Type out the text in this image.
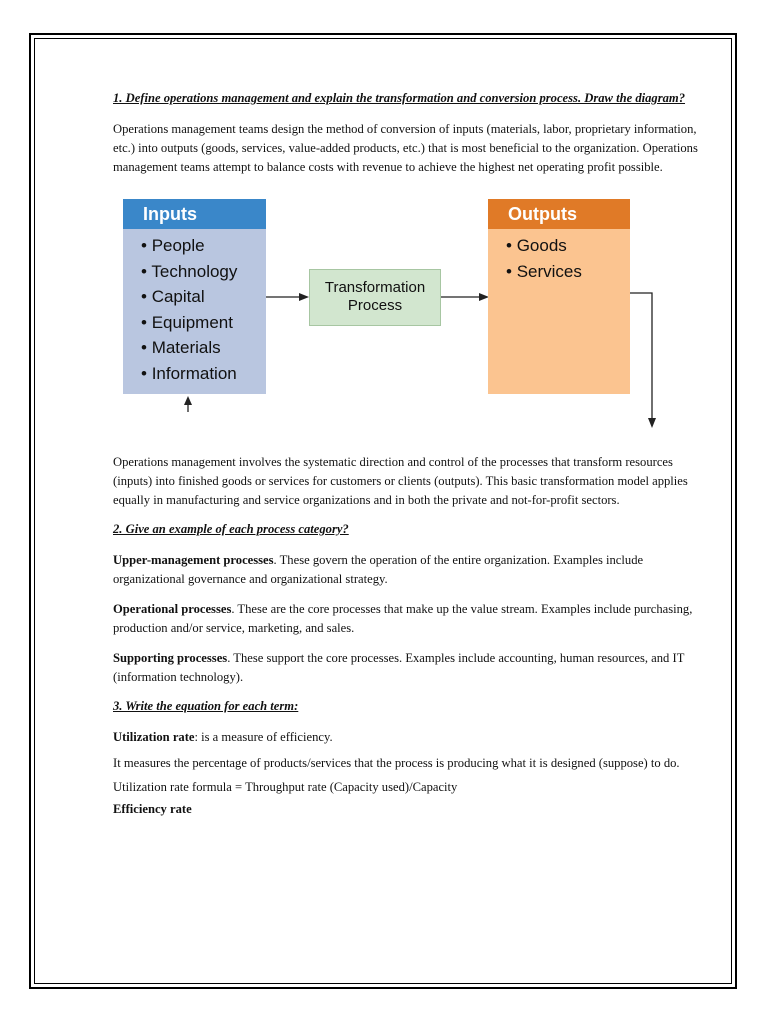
1. Define operations management and explain the transformation and conversion process. Draw the diagram?

Operations management teams design the method of conversion of inputs (materials, labor, proprietary information, etc.) into outputs (goods, services, value-added products, etc.) that is most beneficial to the organization. Operations management teams attempt to balance costs with revenue to achieve the highest net operating profit possible.

Inputs
• People
• Technology
• Capital
• Equipment
• Materials
• Information
Transformation
Process
Outputs
• Goods
• Services

Operations management involves the systematic direction and control of the processes that transform resources (inputs) into finished goods or services for customers or clients (outputs). This basic transformation model applies equally in manufacturing and service organizations and in both the private and not-for-profit sectors.

2. Give an example of each process category?

Upper-management processes. These govern the operation of the entire organization. Examples include organizational governance and organizational strategy.

Operational processes. These are the core processes that make up the value stream. Examples include purchasing, production and/or service, marketing, and sales.

Supporting processes. These support the core processes. Examples include accounting, human resources, and IT (information technology).

3. Write the equation for each term:

Utilization rate: is a measure of efficiency.

It measures the percentage of products/services that the process is producing what it is designed (suppose) to do.

Utilization rate formula = Throughput rate (Capacity used)/Capacity

Efficiency rate
